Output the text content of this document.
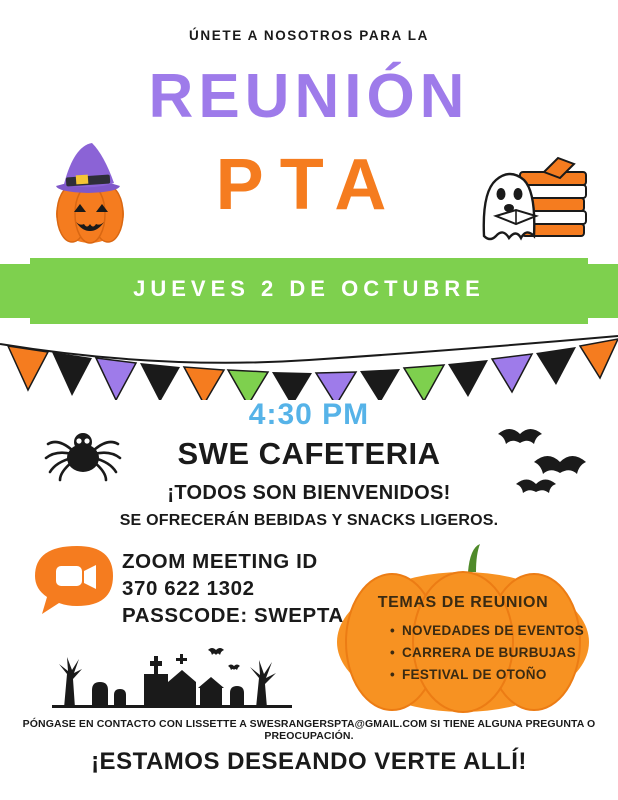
ÚNETE A NOSOTROS PARA LA
REUNIÓN
PTA
JUEVES 2 DE OCTUBRE
4:30 PM
SWE CAFETERIA
¡TODOS SON BIENVENIDOS!
SE OFRECERÁN BEBIDAS Y SNACKS LIGEROS.
ZOOM MEETING ID
370 622 1302
PASSCODE: SWEPTA
TEMAS DE REUNION
• NOVEDADES DE EVENTOS
• CARRERA DE BURBUJAS
• FESTIVAL DE OTOÑO
PÓNGASE EN CONTACTO CON LISSETTE A SWESRANGERSPTA@GMAIL.COM SI TIENE ALGUNA PREGUNTA O PREOCUPACIÓN.
¡ESTAMOS DESEANDO VERTE ALLÍ!
